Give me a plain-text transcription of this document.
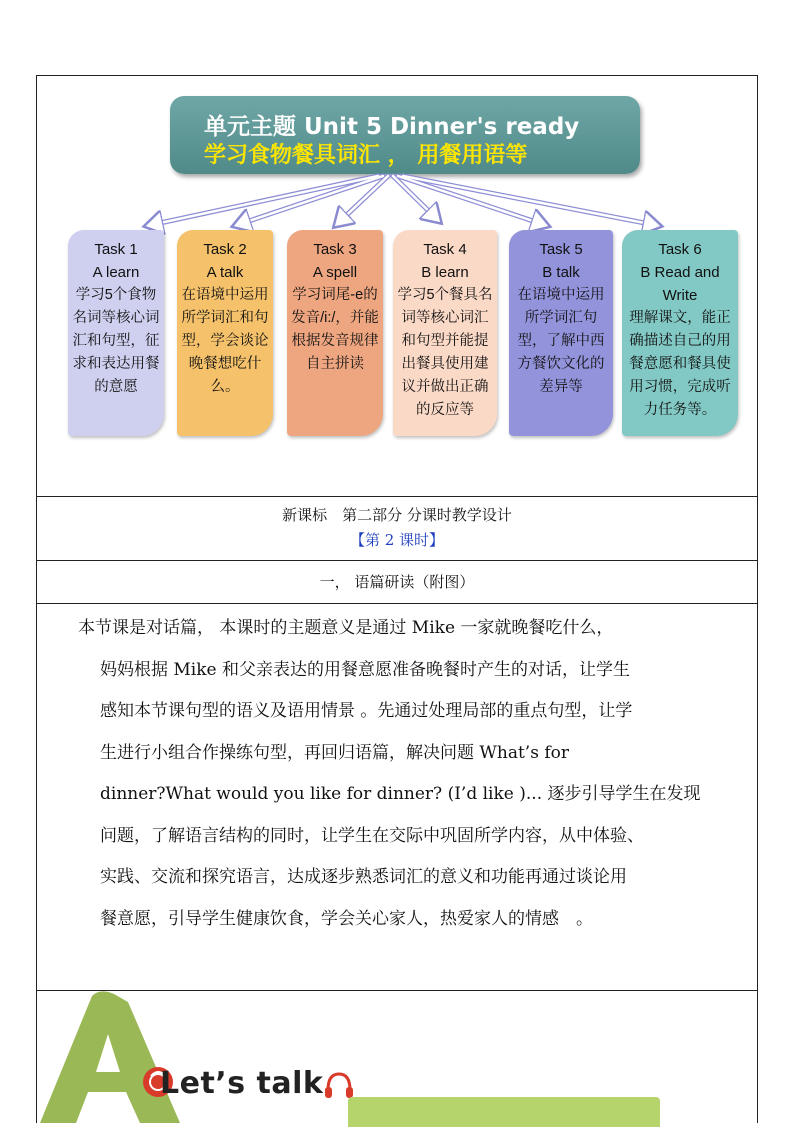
单元主题 Unit 5 Dinner's ready
学习食物餐具词汇 ， 用餐用语等
Task 1
A learn
学习5个食物名词等核心词汇和句型，征求和表达用餐的意愿
Task 2
A talk
在语境中运用所学词汇和句型，学会谈论晚餐想吃什么。
Task 3
A spell
学习词尾-e的发音/i:/，并能根据发音规律自主拼读
Task 4
B learn
学习5个餐具名词等核心词汇和句型并能提出餐具使用建议并做出正确的反应等
Task 5
B talk
在语境中运用所学词汇句型，了解中西方餐饮文化的差异等
Task 6
B Read and Write
理解课文，能正确描述自己的用餐意愿和餐具使用习惯，完成听力任务等。
新课标　第二部分 分课时教学设计
【第 2 课时】
一， 语篇研读（附图）
本节课是对话篇， 本课时的主题意义是通过 Mike 一家就晚餐吃什么，
妈妈根据 Mike 和父亲表达的用餐意愿准备晚餐时产生的对话，让学生
感知本节课句型的语义及语用情景 。先通过处理局部的重点句型，让学
生进行小组合作操练句型，再回归语篇，解决问题 What’s for
dinner?What would you like for dinner? (I’d like )... 逐步引导学生在发现
问题，了解语言结构的同时，让学生在交际中巩固所学内容，从中体验、
实践、交流和探究语言，达成逐步熟悉词汇的意义和功能再通过谈论用
餐意愿，引导学生健康饮食，学会关心家人，热爱家人的情感　。
Let’s talk
